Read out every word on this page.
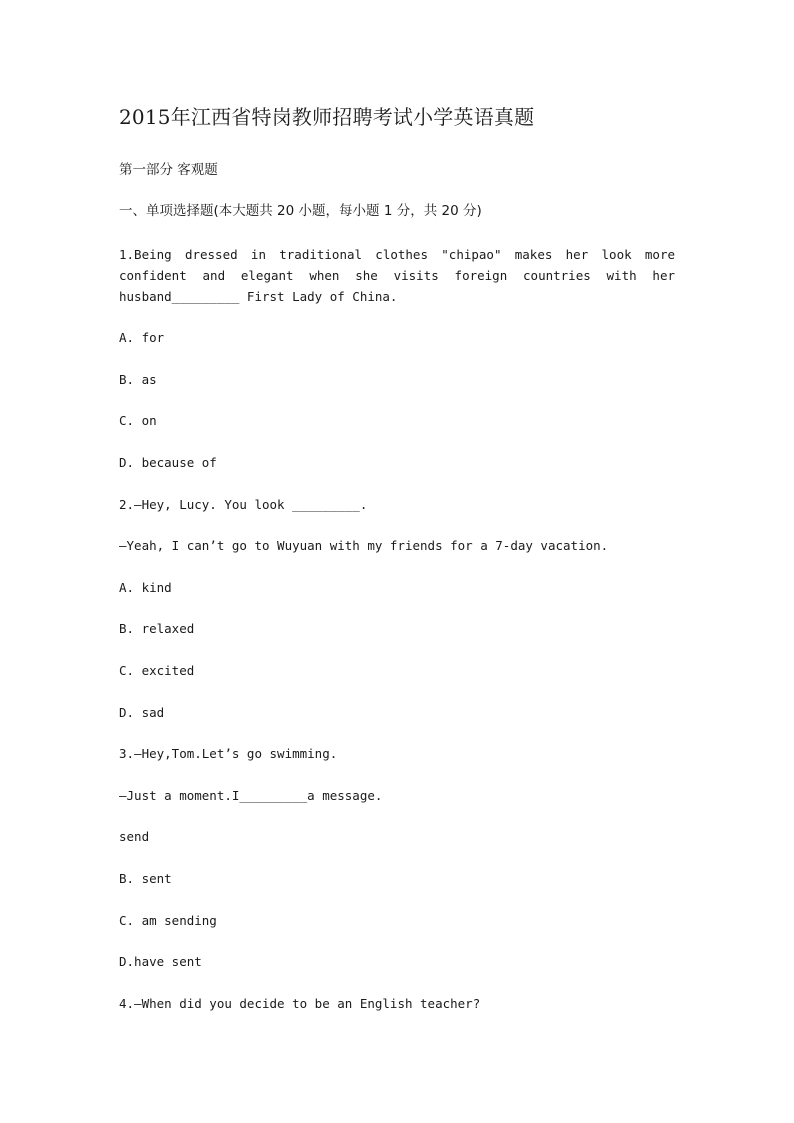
2015年江西省特岗教师招聘考试小学英语真题
第一部分 客观题
一、单项选择题(本大题共 20 小题，每小题 1 分，共 20 分)
1.Being dressed in traditional clothes "chipao" makes her look more confident and elegant when she visits foreign countries with her husband_________ First Lady of China.
A. for
B. as
C. on
D. because of
2.—Hey, Lucy. You look _________.
—Yeah, I can’t go to Wuyuan with my friends for a 7-day vacation.
A. kind
B. relaxed
C. excited
D. sad
3.—Hey,Tom.Let’s go swimming.
—Just a moment.I_________a message.
send
B. sent
C. am sending
D.have sent
4.—When did you decide to be an English teacher?
